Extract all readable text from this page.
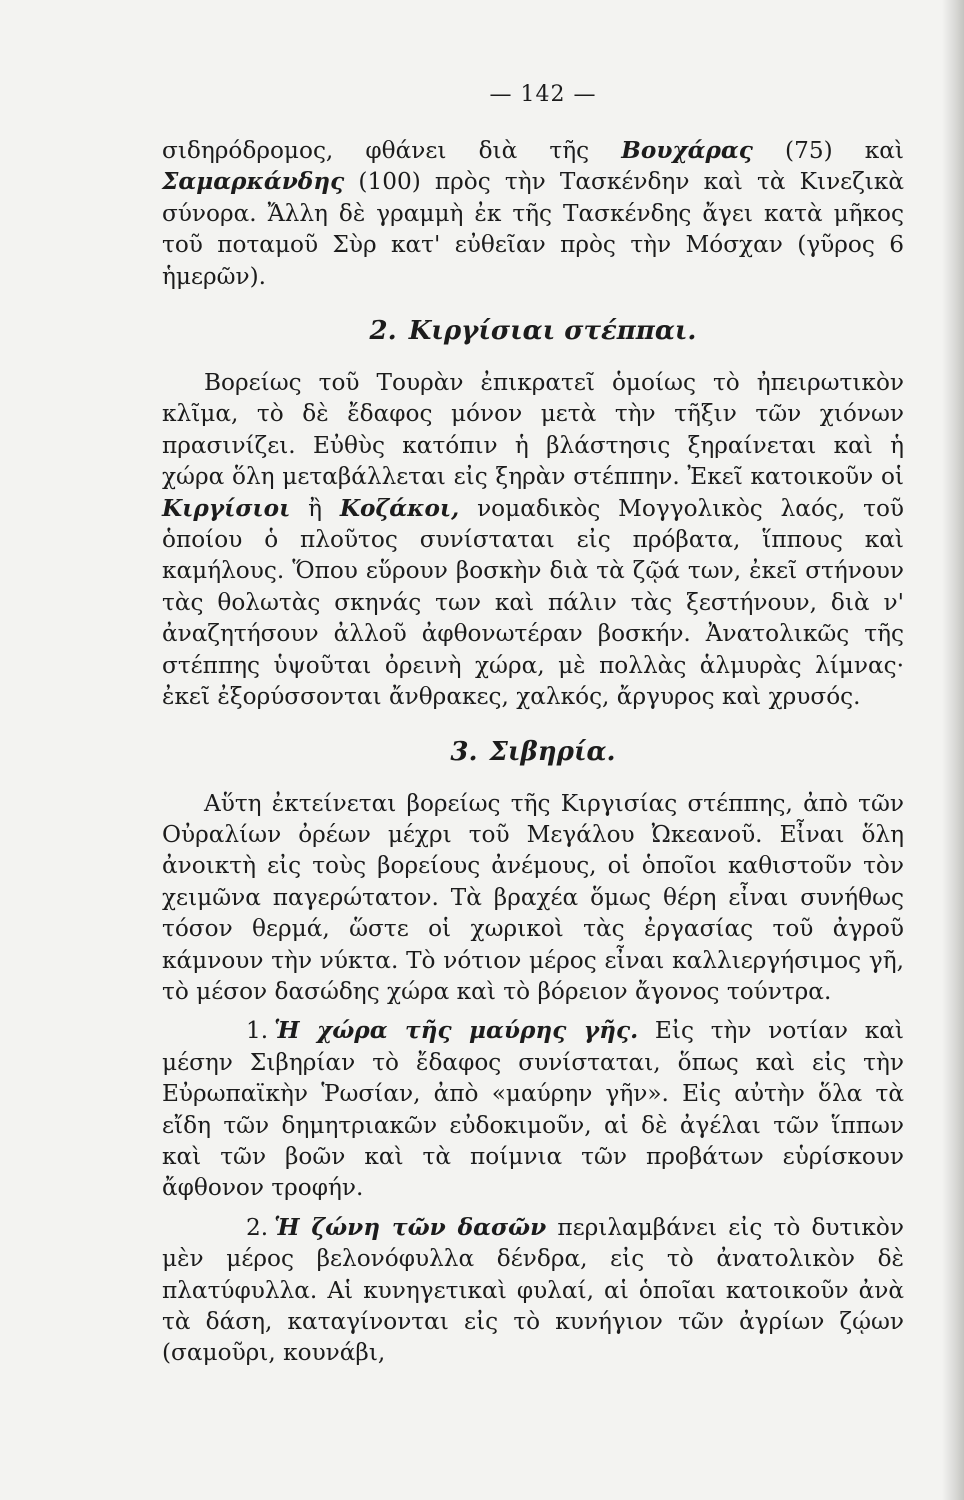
— 142 —

σιδηρόδρομος, φθάνει διὰ τῆς Βουχάρας (75) καὶ Σαμαρκάνδης (100) πρὸς τὴν Τασκένδην καὶ τὰ Κινεζικὰ σύνορα. Ἄλλη δὲ γραμμὴ ἐκ τῆς Τασκένδης ἄγει κατὰ μῆκος τοῦ ποταμοῦ Σὺρ κατ' εὐθεῖαν πρὸς τὴν Μόσχαν (γῦρος 6 ἡμερῶν).

2. Κιργίσιαι στέππαι.

Βορείως τοῦ Τουρὰν ἐπικρατεῖ ὁμοίως τὸ ἠπειρωτικὸν κλῖμα, τὸ δὲ ἔδαφος μόνον μετὰ τὴν τῆξιν τῶν χιόνων πρασινίζει. Εὐθὺς κατόπιν ἡ βλάστησις ξηραίνεται καὶ ἡ χώρα ὅλη μεταβάλλεται εἰς ξηρὰν στέππην. Ἐκεῖ κατοικοῦν οἱ Κιργίσιοι ἢ Κοζάκοι, νομαδικὸς Μογγολικὸς λαός, τοῦ ὁποίου ὁ πλοῦτος συνίσταται εἰς πρόβατα, ἵππους καὶ καμήλους. Ὅπου εὕρουν βοσκὴν διὰ τὰ ζῷά των, ἐκεῖ στήνουν τὰς θολωτὰς σκηνάς των καὶ πάλιν τὰς ξεστήνουν, διὰ ν' ἀναζητήσουν ἀλλοῦ ἀφθονωτέραν βοσκήν. Ἀνατολικῶς τῆς στέππης ὑψοῦται ὀρεινὴ χώρα, μὲ πολλὰς ἁλμυρὰς λίμνας· ἐκεῖ ἐξορύσσονται ἄνθρακες, χαλκός, ἄργυρος καὶ χρυσός.

3. Σιβηρία.

Αὕτη ἐκτείνεται βορείως τῆς Κιργισίας στέππης, ἀπὸ τῶν Οὐραλίων ὀρέων μέχρι τοῦ Μεγάλου Ὠκεανοῦ. Εἶναι ὅλη ἀνοικτὴ εἰς τοὺς βορείους ἀνέμους, οἱ ὁποῖοι καθιστοῦν τὸν χειμῶνα παγερώτατον. Τὰ βραχέα ὅμως θέρη εἶναι συνήθως τόσον θερμά, ὥστε οἱ χωρικοὶ τὰς ἐργασίας τοῦ ἀγροῦ κάμνουν τὴν νύκτα. Τὸ νότιον μέρος εἶναι καλλιεργήσιμος γῆ, τὸ μέσον δασώδης χώρα καὶ τὸ βόρειον ἄγονος τούντρα.

1. Ἡ χώρα τῆς μαύρης γῆς. Εἰς τὴν νοτίαν καὶ μέσην Σιβηρίαν τὸ ἔδαφος συνίσταται, ὅπως καὶ εἰς τὴν Εὐρωπαϊκὴν Ῥωσίαν, ἀπὸ «μαύρην γῆν». Εἰς αὐτὴν ὅλα τὰ εἴδη τῶν δημητριακῶν εὐδοκιμοῦν, αἱ δὲ ἀγέλαι τῶν ἵππων καὶ τῶν βοῶν καὶ τὰ ποίμνια τῶν προβάτων εὑρίσκουν ἄφθονον τροφήν.

2. Ἡ ζώνη τῶν δασῶν περιλαμβάνει εἰς τὸ δυτικὸν μὲν μέρος βελονόφυλλα δένδρα, εἰς τὸ ἀνατολικὸν δὲ πλατύφυλλα. Αἱ κυνηγετικαὶ φυλαί, αἱ ὁποῖαι κατοικοῦν ἀνὰ τὰ δάση, καταγίνονται εἰς τὸ κυνήγιον τῶν ἀγρίων ζῴων (σαμοῦρι, κουνάβι,
